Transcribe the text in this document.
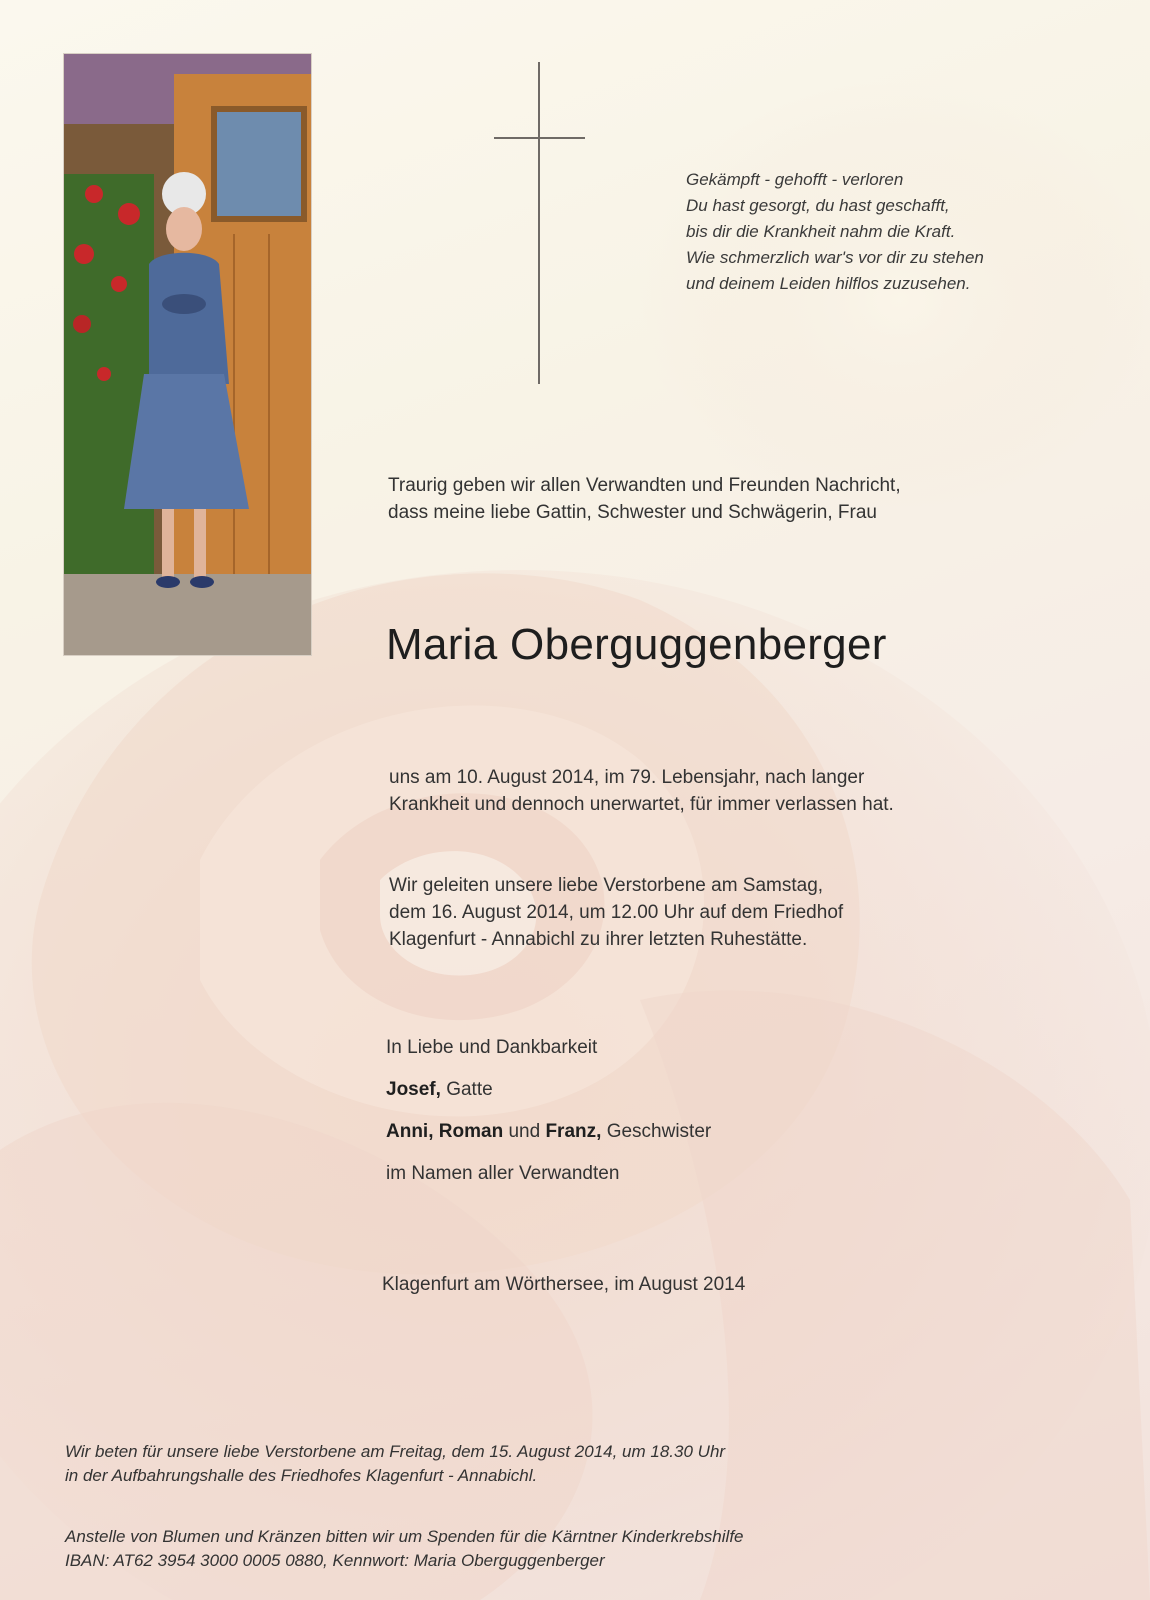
Gekämpft - gehofft - verloren
Du hast gesorgt, du hast geschafft,
bis dir die Krankheit nahm die Kraft.
Wie schmerzlich war's vor dir zu stehen
und deinem Leiden hilflos zuzusehen.
Traurig geben wir allen Verwandten und Freunden Nachricht,
dass meine liebe Gattin, Schwester und Schwägerin, Frau
Maria Oberguggenberger
uns am 10. August 2014, im 79. Lebensjahr, nach langer
Krankheit und dennoch unerwartet, für immer verlassen hat.
Wir geleiten unsere liebe Verstorbene am Samstag,
dem 16. August 2014, um 12.00 Uhr auf dem Friedhof
Klagenfurt - Annabichl zu ihrer letzten Ruhestätte.
In Liebe und Dankbarkeit
Josef, Gatte
Anni, Roman und Franz, Geschwister
im Namen aller Verwandten
Klagenfurt am Wörthersee, im August 2014
Wir beten für unsere liebe Verstorbene am Freitag, dem 15. August 2014, um 18.30 Uhr
in der Aufbahrungshalle des Friedhofes Klagenfurt - Annabichl.
Anstelle von Blumen und Kränzen bitten wir um Spenden für die Kärntner Kinderkrebshilfe
IBAN: AT62 3954 3000 0005 0880, Kennwort: Maria Oberguggenberger
